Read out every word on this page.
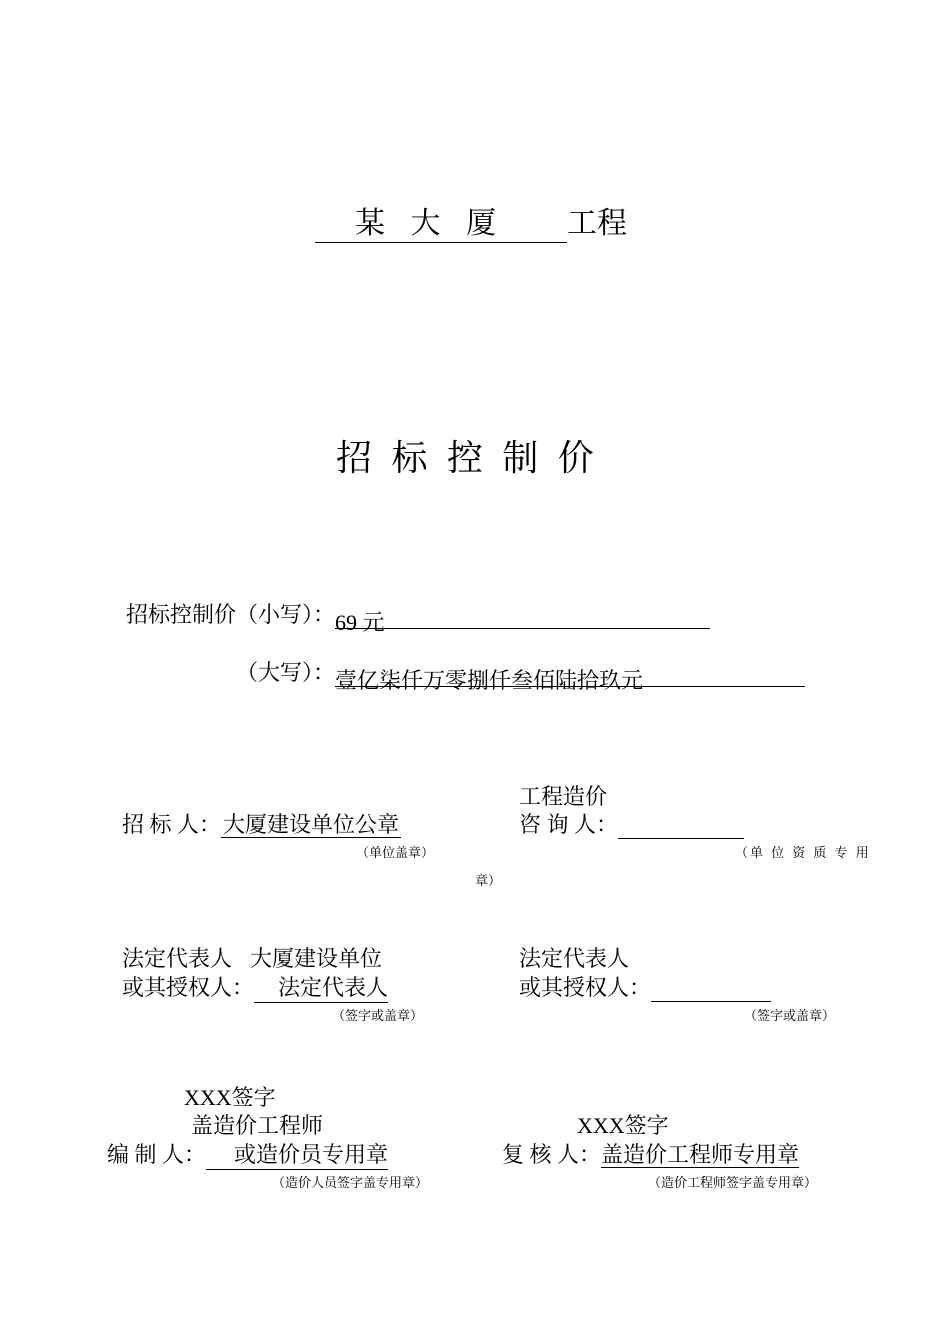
某 大 厦 工程
招 标 控 制 价
招标控制价（小写）：69 元
（大写）：壹亿柒仟万零捌仟叁佰陆拾玖元
招 标 人：大厦建设单位公章
（单位盖章）
工程造价
咨 询 人：
（单 位 资 质 专 用
章）
法定代表人 大厦建设单位
或其授权人： 法定代表人
（签字或盖章）
法定代表人
或其授权人：
（签字或盖章）
XXX签字
盖造价工程师
编 制 人： 或造价员专用章
（造价人员签字盖专用章）
XXX签字
复 核 人：盖造价工程师专用章
（造价工程师签字盖专用章）
